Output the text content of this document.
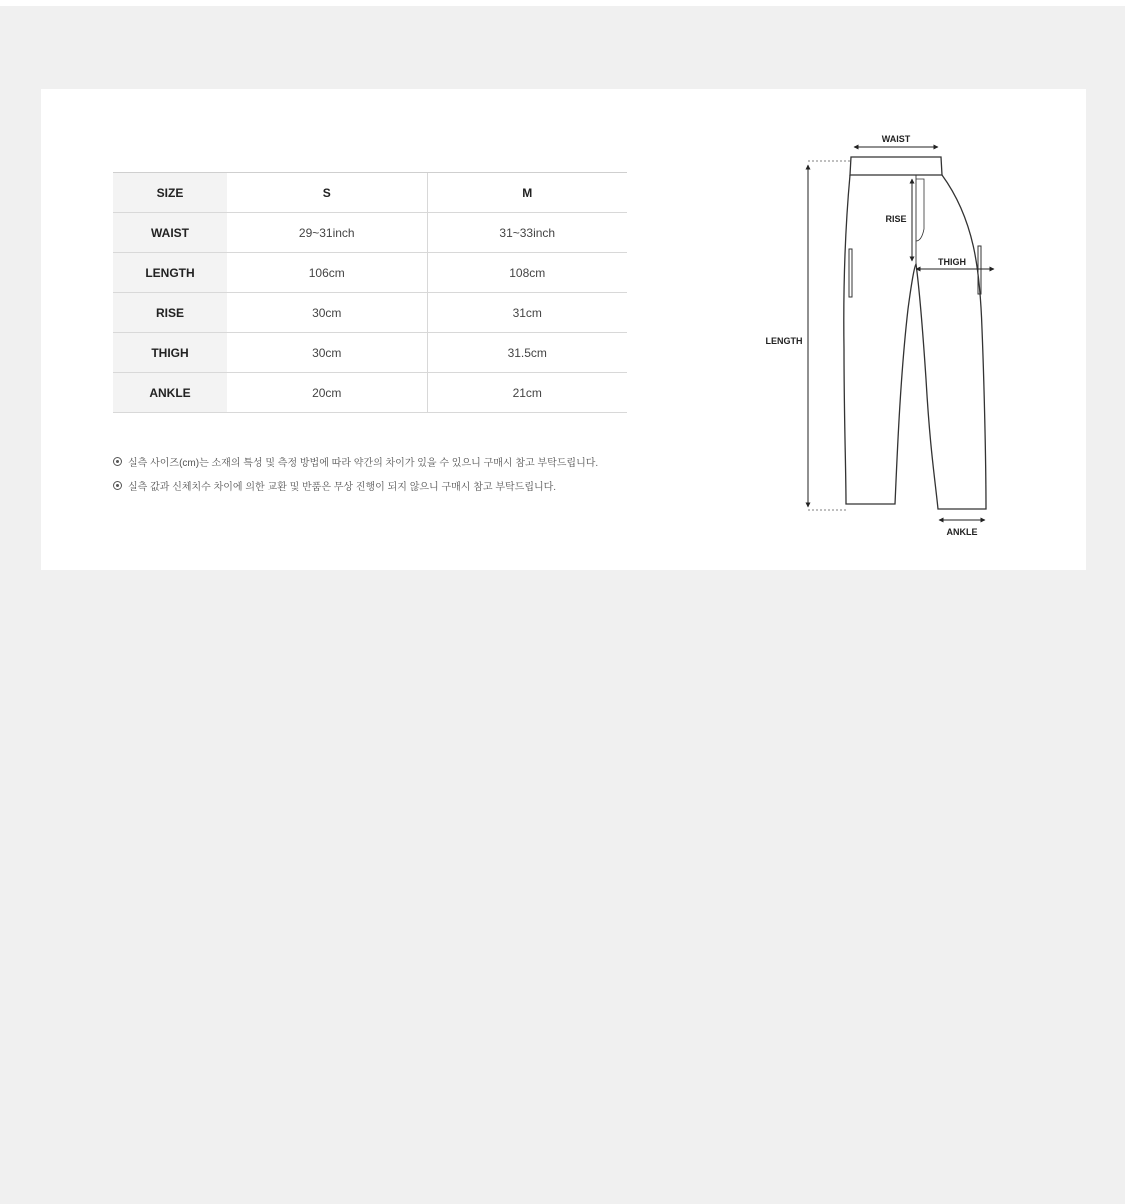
SIZE	S	M
WAIST	29~31inch	31~33inch
LENGTH	106cm	108cm
RISE	30cm	31cm
THIGH	30cm	31.5cm
ANKLE	20cm	21cm
실측 사이즈(cm)는 소재의 특성 및 측정 방법에 따라 약간의 차이가 있을 수 있으니 구매시 참고 부탁드립니다.
실측 값과 신체치수 차이에 의한 교환 및 반품은 무상 진행이 되지 않으니 구매시 참고 부탁드립니다.
WAIST
RISE
THIGH
LENGTH
ANKLE
